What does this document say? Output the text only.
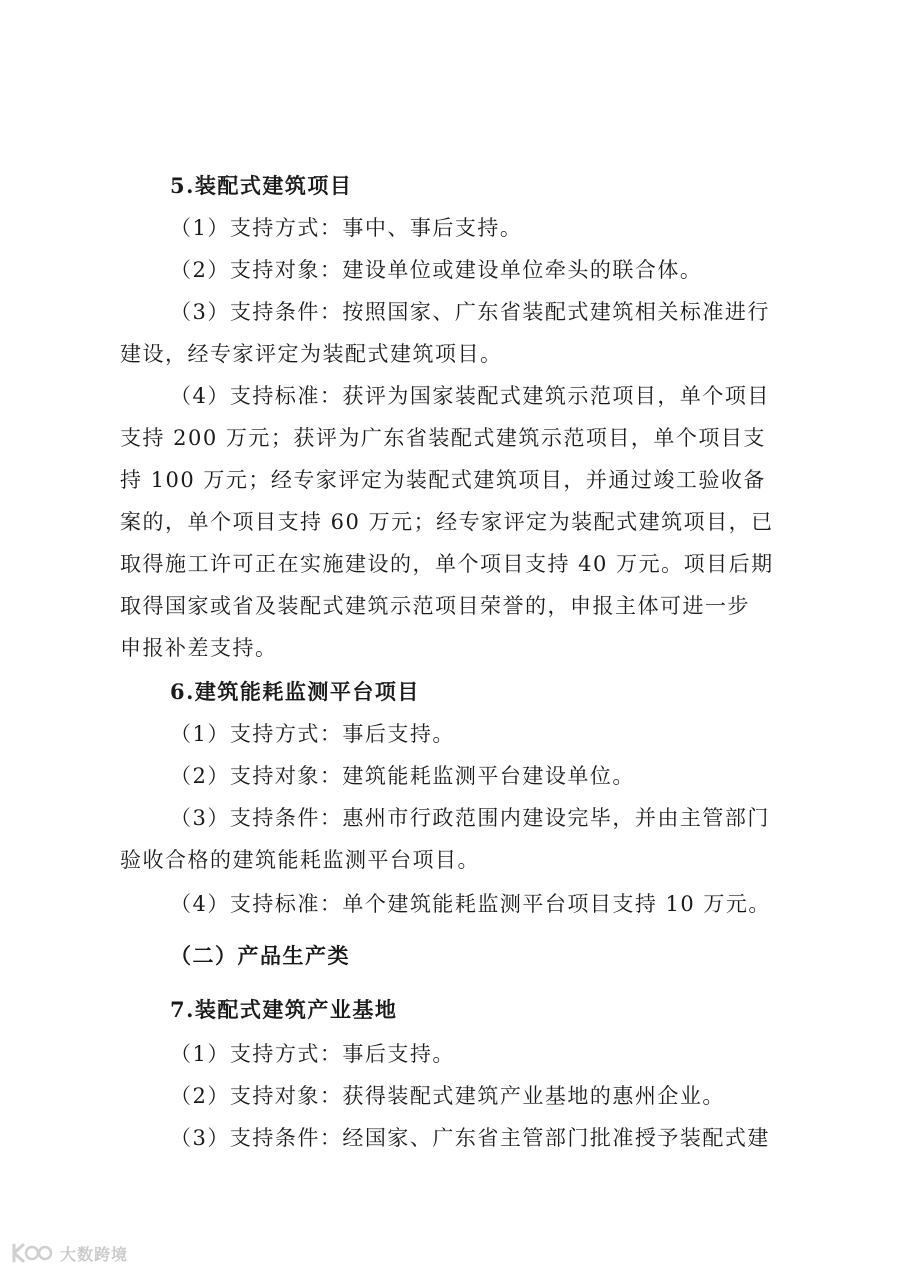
5.装配式建筑项目
（1）支持方式：事中、事后支持。
（2）支持对象：建设单位或建设单位牵头的联合体。
（3）支持条件：按照国家、广东省装配式建筑相关标准进行
建设，经专家评定为装配式建筑项目。
（4）支持标准：获评为国家装配式建筑示范项目，单个项目
支持 200 万元；获评为广东省装配式建筑示范项目，单个项目支
持 100 万元；经专家评定为装配式建筑项目，并通过竣工验收备
案的，单个项目支持 60 万元；经专家评定为装配式建筑项目，已
取得施工许可正在实施建设的，单个项目支持 40 万元。项目后期
取得国家或省及装配式建筑示范项目荣誉的，申报主体可进一步
申报补差支持。
6.建筑能耗监测平台项目
（1）支持方式：事后支持。
（2）支持对象：建筑能耗监测平台建设单位。
（3）支持条件：惠州市行政范围内建设完毕，并由主管部门
验收合格的建筑能耗监测平台项目。
（4）支持标准：单个建筑能耗监测平台项目支持 10 万元。
（二）产品生产类
7.装配式建筑产业基地
（1）支持方式：事后支持。
（2）支持对象：获得装配式建筑产业基地的惠州企业。
（3）支持条件：经国家、广东省主管部门批准授予装配式建
大数跨境
